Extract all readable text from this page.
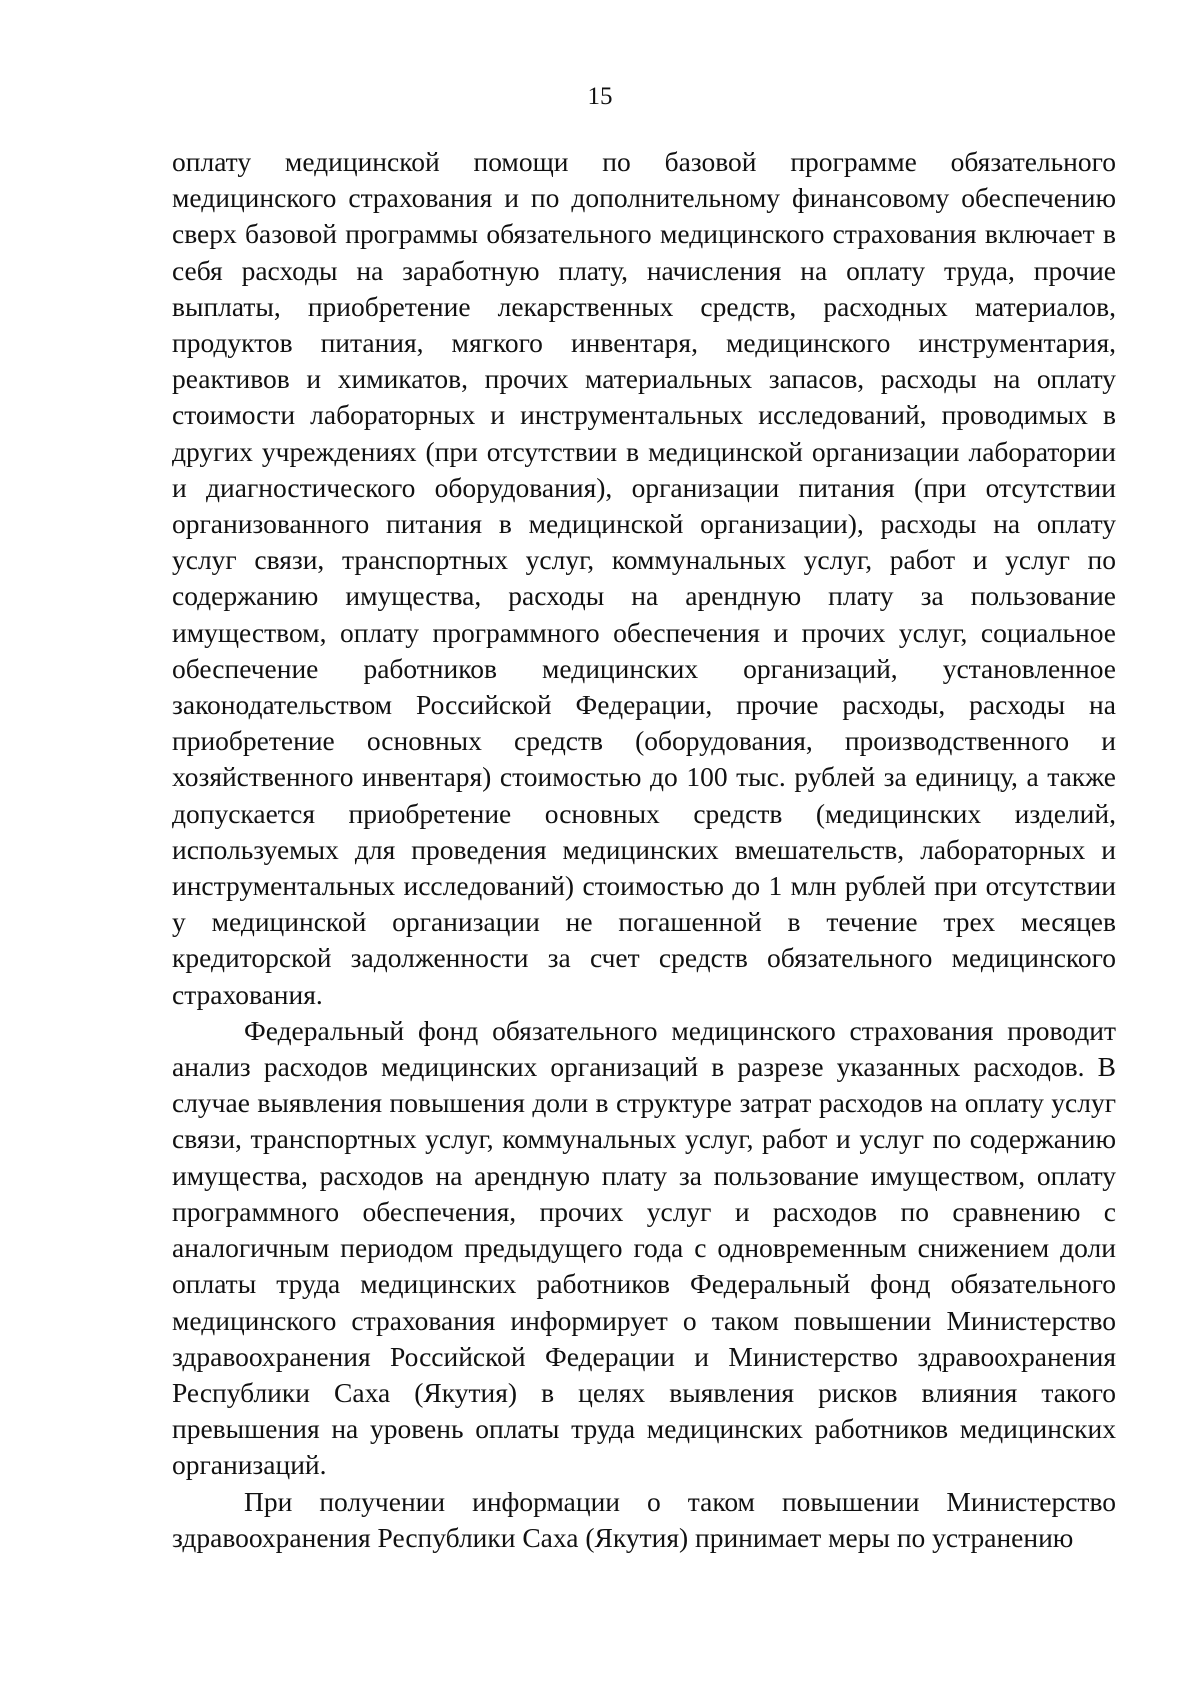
15

оплату медицинской помощи по базовой программе обязательного медицинского страхования и по дополнительному финансовому обеспечению сверх базовой программы обязательного медицинского страхования включает в себя расходы на заработную плату, начисления на оплату труда, прочие выплаты, приобретение лекарственных средств, расходных материалов, продуктов питания, мягкого инвентаря, медицинского инструментария, реактивов и химикатов, прочих материальных запасов, расходы на оплату стоимости лабораторных и инструментальных исследований, проводимых в других учреждениях (при отсутствии в медицинской организации лаборатории и диагностического оборудования), организации питания (при отсутствии организованного питания в медицинской организации), расходы на оплату услуг связи, транспортных услуг, коммунальных услуг, работ и услуг по содержанию имущества, расходы на арендную плату за пользование имуществом, оплату программного обеспечения и прочих услуг, социальное обеспечение работников медицинских организаций, установленное законодательством Российской Федерации, прочие расходы, расходы на приобретение основных средств (оборудования, производственного и хозяйственного инвентаря) стоимостью до 100 тыс. рублей за единицу, а также допускается приобретение основных средств (медицинских изделий, используемых для проведения медицинских вмешательств, лабораторных и инструментальных исследований) стоимостью до 1 млн рублей при отсутствии у медицинской организации не погашенной в течение трех месяцев кредиторской задолженности за счет средств обязательного медицинского страхования.

Федеральный фонд обязательного медицинского страхования проводит анализ расходов медицинских организаций в разрезе указанных расходов. В случае выявления повышения доли в структуре затрат расходов на оплату услуг связи, транспортных услуг, коммунальных услуг, работ и услуг по содержанию имущества, расходов на арендную плату за пользование имуществом, оплату программного обеспечения, прочих услуг и расходов по сравнению с аналогичным периодом предыдущего года с одновременным снижением доли оплаты труда медицинских работников Федеральный фонд обязательного медицинского страхования информирует о таком повышении Министерство здравоохранения Российской Федерации и Министерство здравоохранения Республики Саха (Якутия) в целях выявления рисков влияния такого превышения на уровень оплаты труда медицинских работников медицинских организаций.

При получении информации о таком повышении Министерство здравоохранения Республики Саха (Якутия) принимает меры по устранению
